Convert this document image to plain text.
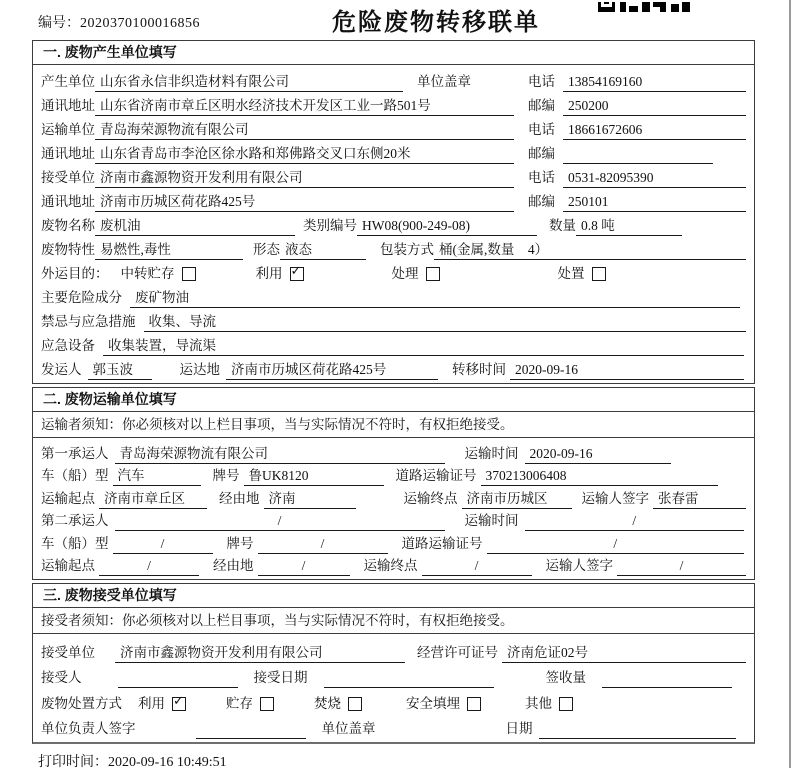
编号：2020370100016856	危险废物转移联单
一. 废物产生单位填写
产生单位 山东省永信非织造材料有限公司	单位盖章	电话 13854169160
通讯地址 山东省济南市章丘区明水经济技术开发区工业一路501号	邮编 250200
运输单位 青岛海荣源物流有限公司	电话 18661672606
通讯地址 山东省青岛市李沧区徐水路和郑佛路交叉口东侧20米	邮编
接受单位 济南市鑫源物资开发利用有限公司	电话 0531-82095390
通讯地址 济南市历城区荷花路425号	邮编 250101
废物名称 废机油	类别编号 HW08(900-249-08)	数量 0.8 吨
废物特性 易燃性,毒性	形态 液态	包装方式 桶(金属,数量　4）
外运目的： 中转贮存	利用 ✓	处理	处置
主要危险成分 废矿物油
禁忌与应急措施 收集、导流
应急设备 收集装置，导流渠
发运人 郭玉波	运达地 济南市历城区荷花路425号	转移时间 2020-09-16
二. 废物运输单位填写
运输者须知：你必须核对以上栏目事项，当与实际情况不符时，有权拒绝接受。
第一承运人 青岛海荣源物流有限公司	运输时间 2020-09-16
车（船）型 汽车	牌号 鲁UK8120	道路运输证号 370213006408
运输起点 济南市章丘区	经由地 济南	运输终点 济南市历城区	运输人签字 张春雷
第二承运人	/	运输时间	/
车（船）型	/	牌号	/	道路运输证号	/
运输起点	/	经由地	/	运输终点	/	运输人签字	/
三. 废物接受单位填写
接受者须知：你必须核对以上栏目事项，当与实际情况不符时，有权拒绝接受。
接受单位	济南市鑫源物资开发利用有限公司	经营许可证号 济南危证02号
接受人	接受日期	签收量
废物处置方式 利用 ✓	贮存	焚烧	安全填埋	其他
单位负责人签字	单位盖章	日期
打印时间：2020-09-16 10:49:51
